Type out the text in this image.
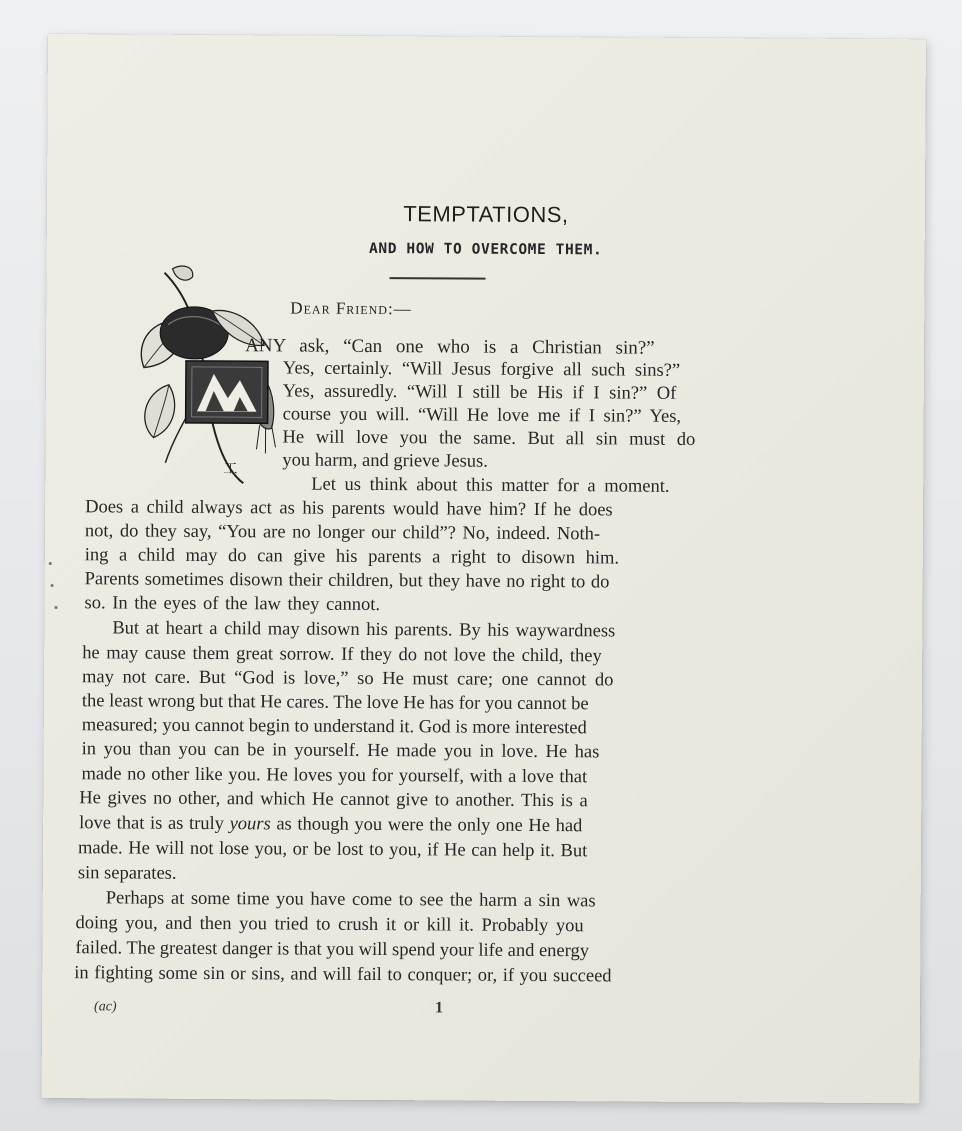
TEMPTATIONS,
AND HOW TO OVERCOME THEM.
Dear Friend:—
工
ANY ask, “Can one who is a Christian sin?”
Yes, certainly. “Will Jesus forgive all such sins?”
Yes, assuredly. “Will I still be His if I sin?” Of
course you will. “Will He love me if I sin?” Yes,
He will love you the same. But all sin must do
you harm, and grieve Jesus.
Let us think about this matter for a moment.
Does a child always act as his parents would have him? If he does
not, do they say, “You are no longer our child”? No, indeed. Noth-
ing a child may do can give his parents a right to disown him.
Parents sometimes disown their children, but they have no right to do
so. In the eyes of the law they cannot.
But at heart a child may disown his parents. By his waywardness
he may cause them great sorrow. If they do not love the child, they
may not care. But “God is love,” so He must care; one cannot do
the least wrong but that He cares. The love He has for you cannot be
measured; you cannot begin to understand it. God is more interested
in you than you can be in yourself. He made you in love. He has
made no other like you. He loves you for yourself, with a love that
He gives no other, and which He cannot give to another. This is a
love that is as truly yours as though you were the only one He had
made. He will not lose you, or be lost to you, if He can help it. But
sin separates.
Perhaps at some time you have come to see the harm a sin was
doing you, and then you tried to crush it or kill it. Probably you
failed. The greatest danger is that you will spend your life and energy
in fighting some sin or sins, and will fail to conquer; or, if you succeed
(ac)	1
